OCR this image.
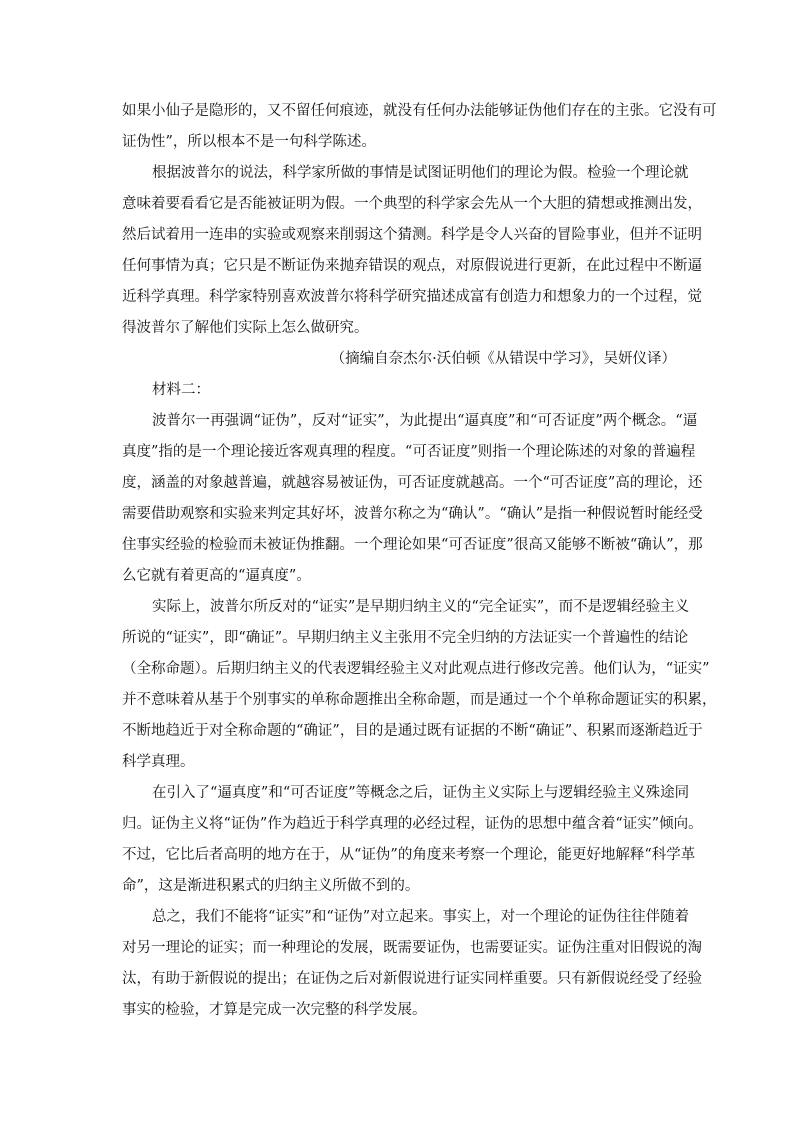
如果小仙子是隐形的，又不留任何痕迹，就没有任何办法能够证伪他们存在的主张。它没有可
证伪性”，所以根本不是一句科学陈述。
根据波普尔的说法，科学家所做的事情是试图证明他们的理论为假。检验一个理论就
意味着要看看它是否能被证明为假。一个典型的科学家会先从一个大胆的猜想或推测出发，
然后试着用一连串的实验或观察来削弱这个猜测。科学是令人兴奋的冒险事业，但并不证明
任何事情为真；它只是不断证伪来抛弃错误的观点，对原假说进行更新，在此过程中不断逼
近科学真理。科学家特别喜欢波普尔将科学研究描述成富有创造力和想象力的一个过程，觉
得波普尔了解他们实际上怎么做研究。
（摘编自奈杰尔·沃伯顿《从错误中学习》，吴妍仪译）
材料二：
波普尔一再强调“证伪”，反对“证实”，为此提出“逼真度”和“可否证度”两个概念。“逼
真度”指的是一个理论接近客观真理的程度。“可否证度”则指一个理论陈述的对象的普遍程
度，涵盖的对象越普遍，就越容易被证伪，可否证度就越高。一个“可否证度”高的理论，还
需要借助观察和实验来判定其好坏，波普尔称之为“确认”。“确认”是指一种假说暂时能经受
住事实经验的检验而未被证伪推翻。一个理论如果“可否证度”很高又能够不断被“确认”，那
么它就有着更高的“逼真度”。
实际上，波普尔所反对的“证实”是早期归纳主义的“完全证实”，而不是逻辑经验主义
所说的“证实”，即“确证”。早期归纳主义主张用不完全归纳的方法证实一个普遍性的结论
（全称命题）。后期归纳主义的代表逻辑经验主义对此观点进行修改完善。他们认为，“证实”
并不意味着从基于个别事实的单称命题推出全称命题，而是通过一个个单称命题证实的积累，
不断地趋近于对全称命题的“确证”，目的是通过既有证据的不断“确证”、积累而逐渐趋近于
科学真理。
在引入了“逼真度”和“可否证度”等概念之后，证伪主义实际上与逻辑经验主义殊途同
归。证伪主义将“证伪”作为趋近于科学真理的必经过程，证伪的思想中蕴含着“证实”倾向。
不过，它比后者高明的地方在于，从“证伪”的角度来考察一个理论，能更好地解释“科学革
命”，这是渐进积累式的归纳主义所做不到的。
总之，我们不能将“证实”和“证伪”对立起来。事实上，对一个理论的证伪往往伴随着
对另一理论的证实；而一种理论的发展，既需要证伪，也需要证实。证伪注重对旧假说的淘
汰，有助于新假说的提出；在证伪之后对新假说进行证实同样重要。只有新假说经受了经验
事实的检验，才算是完成一次完整的科学发展。
